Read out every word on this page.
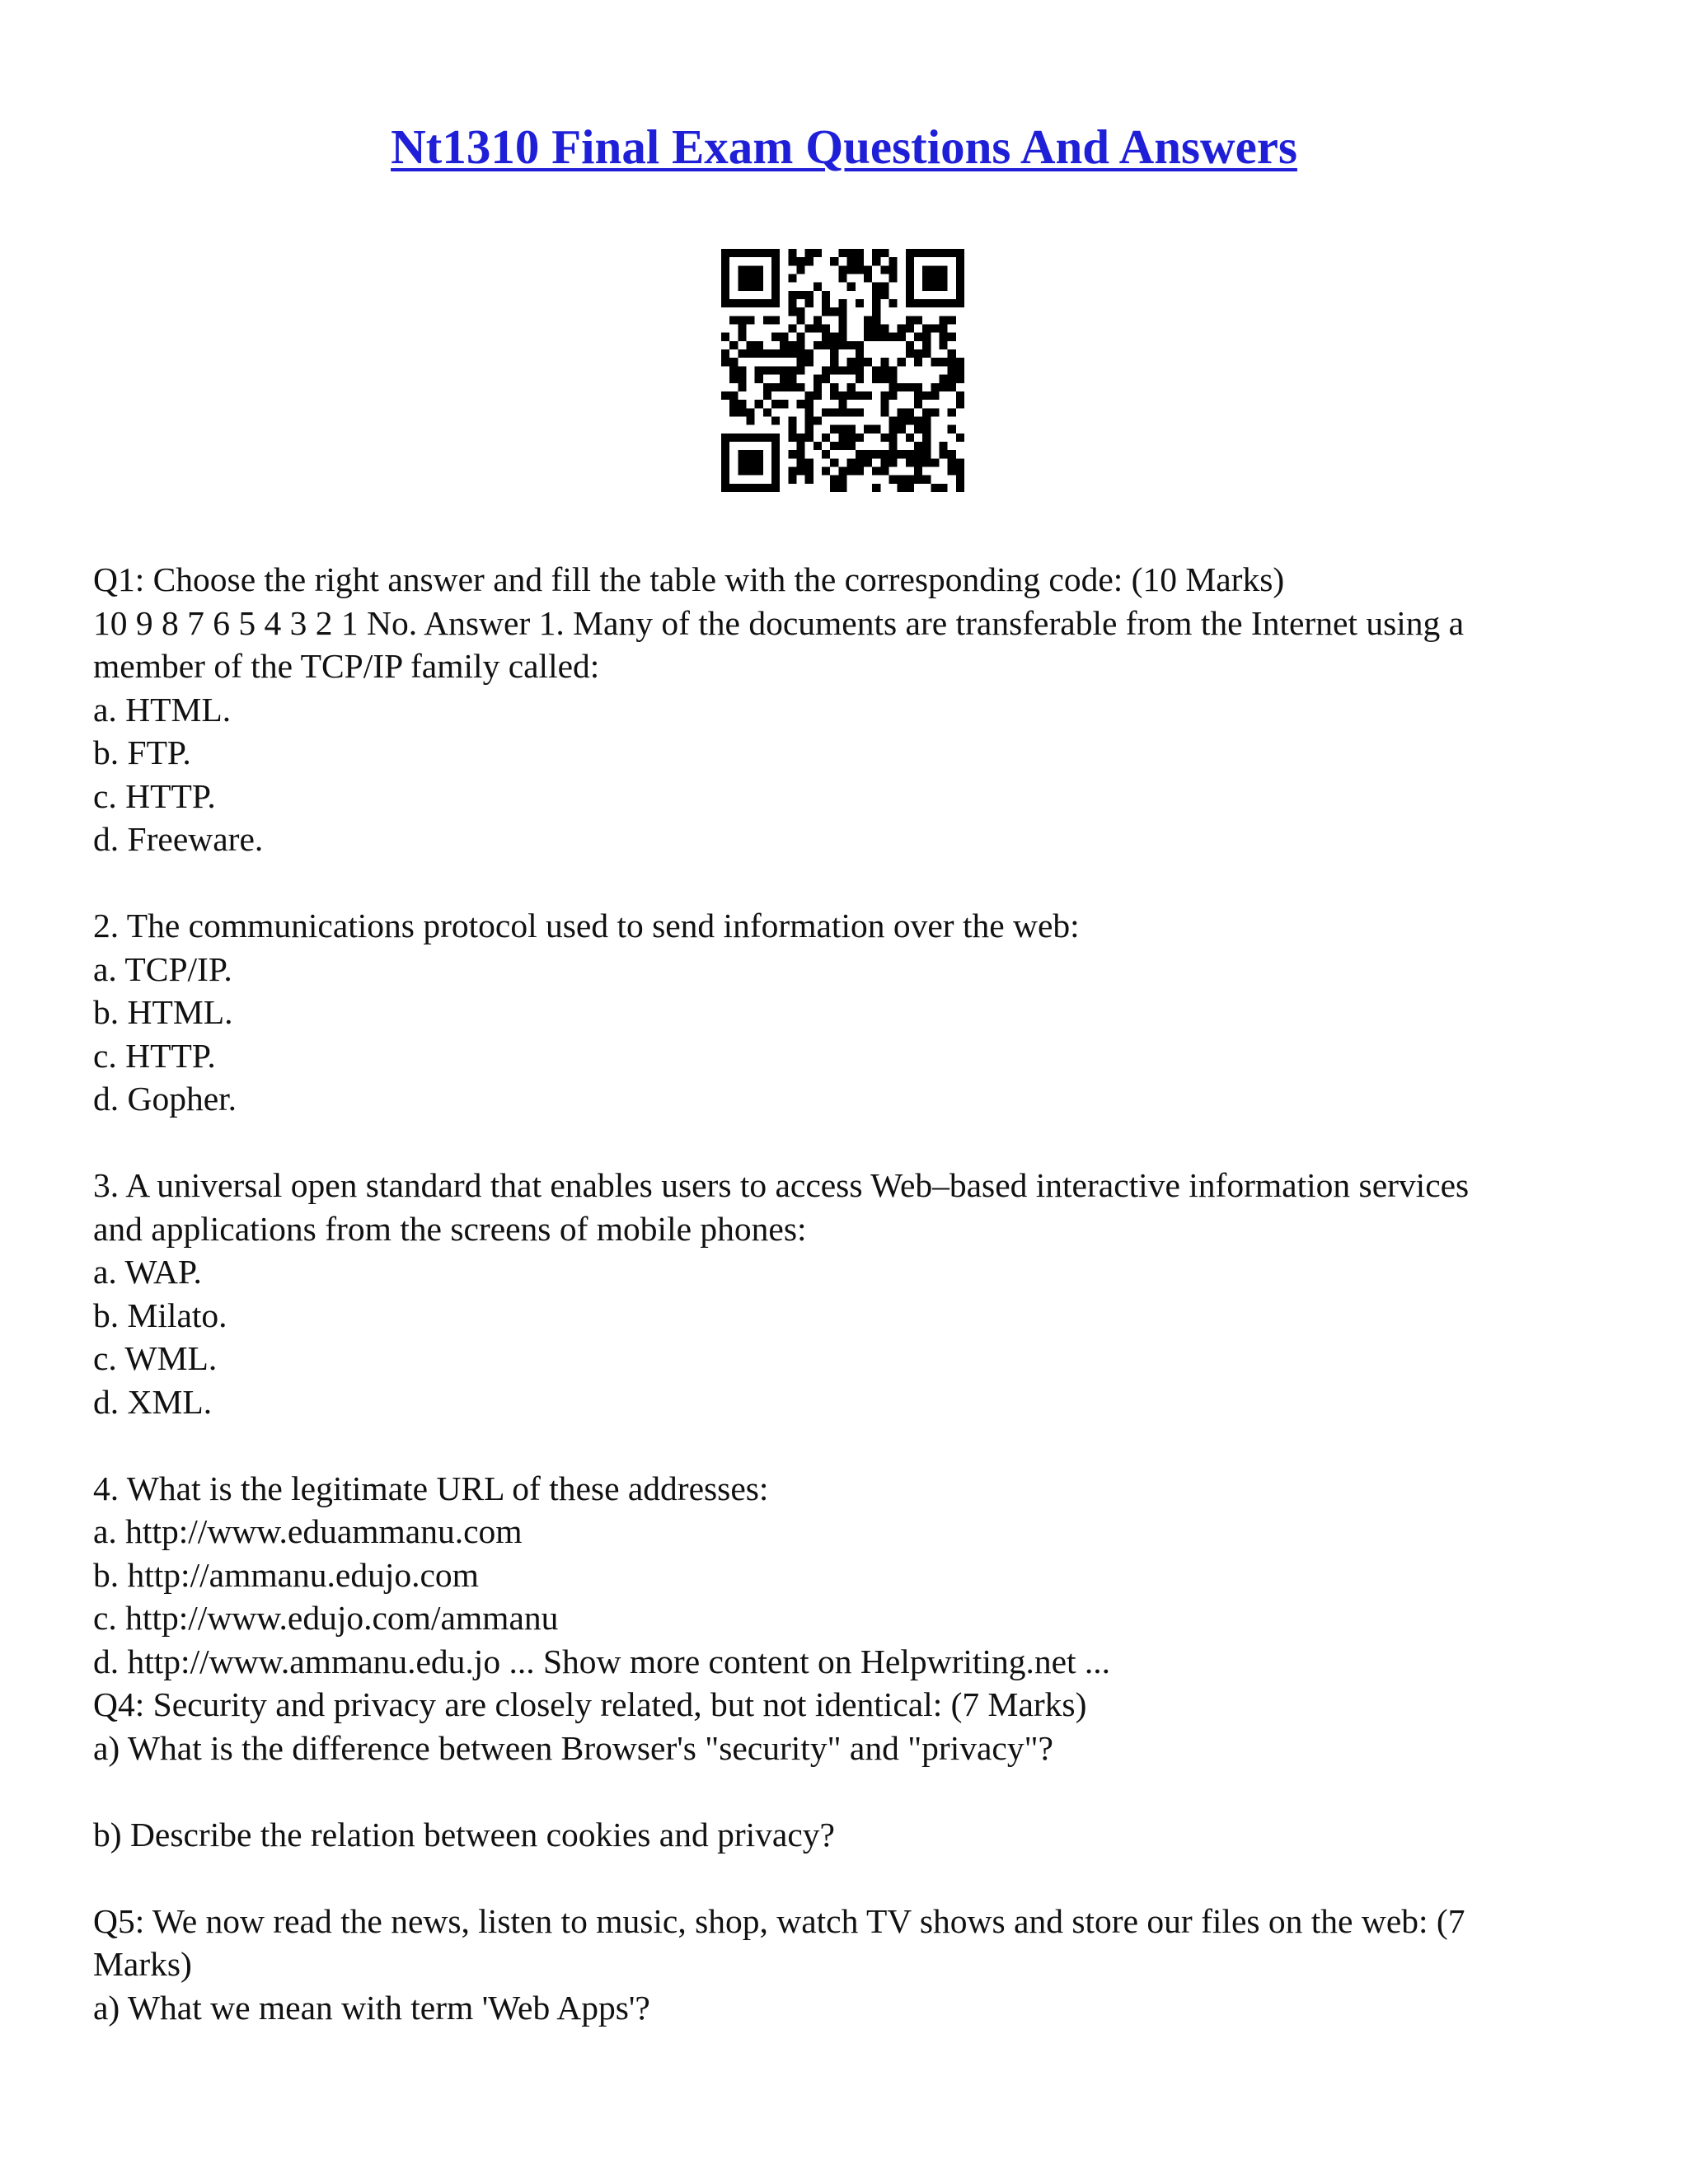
Nt1310 Final Exam Questions And Answers
Q1: Choose the right answer and fill the table with the corresponding code: (10 Marks)
10 9 8 7 6 5 4 3 2 1 No. Answer 1. Many of the documents are transferable from the Internet using a
member of the TCP/IP family called:
a. HTML.
b. FTP.
c. HTTP.
d. Freeware.
2. The communications protocol used to send information over the web:
a. TCP/IP.
b. HTML.
c. HTTP.
d. Gopher.
3. A universal open standard that enables users to access Web–based interactive information services
and applications from the screens of mobile phones:
a. WAP.
b. Milato.
c. WML.
d. XML.
4. What is the legitimate URL of these addresses:
a. http://www.eduammanu.com
b. http://ammanu.edujo.com
c. http://www.edujo.com/ammanu
d. http://www.ammanu.edu.jo ... Show more content on Helpwriting.net ...
Q4: Security and privacy are closely related, but not identical: (7 Marks)
a) What is the difference between Browser's "security" and "privacy"?
b) Describe the relation between cookies and privacy?
Q5: We now read the news, listen to music, shop, watch TV shows and store our files on the web: (7
Marks)
a) What we mean with term 'Web Apps'?
